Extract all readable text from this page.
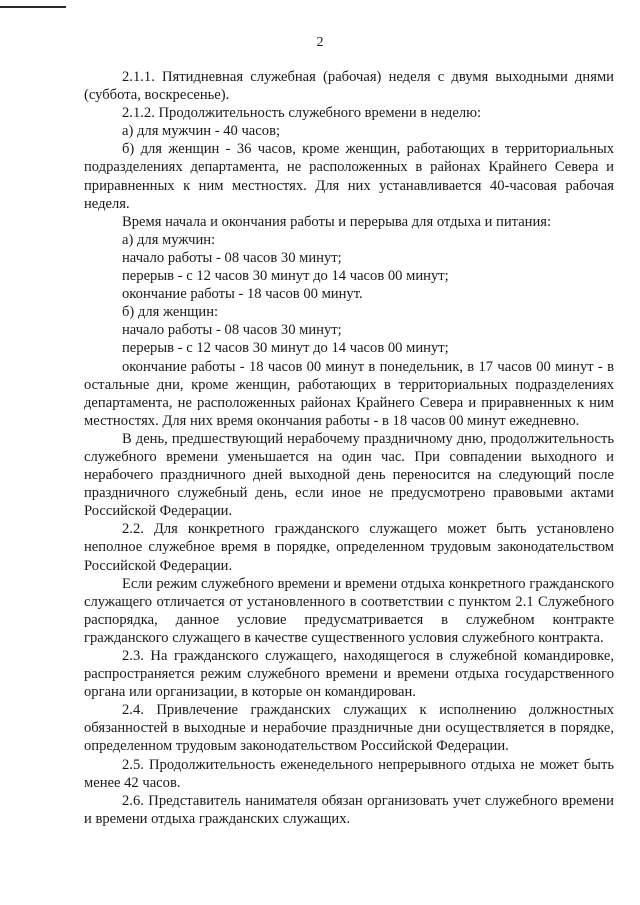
2

2.1.1. Пятидневная служебная (рабочая) неделя с двумя выходными днями (суббота, воскресенье).

2.1.2. Продолжительность служебного времени в неделю:

а) для мужчин - 40 часов;

б) для женщин - 36 часов, кроме женщин, работающих в территориальных подразделениях департамента, не расположенных в районах Крайнего Севера и приравненных к ним местностях. Для них устанавливается 40-часовая рабочая неделя.

Время начала и окончания работы и перерыва для отдыха и питания:

а) для мужчин:

начало работы - 08 часов 30 минут;

перерыв - с 12 часов 30 минут до 14 часов 00 минут;

окончание работы - 18 часов 00 минут.

б) для женщин:

начало работы - 08 часов 30 минут;

перерыв - с 12 часов 30 минут до 14 часов 00 минут;

окончание работы - 18 часов 00 минут в понедельник, в 17 часов 00 минут - в остальные дни, кроме женщин, работающих в территориальных подразделениях департамента, не расположенных районах Крайнего Севера и приравненных к ним местностях. Для них время окончания работы - в 18 часов 00 минут ежедневно.

В день, предшествующий нерабочему праздничному дню, продолжительность служебного времени уменьшается на один час. При совпадении выходного и нерабочего праздничного дней выходной день переносится на следующий после праздничного служебный день, если иное не предусмотрено правовыми актами Российской Федерации.

2.2. Для конкретного гражданского служащего может быть установлено неполное служебное время в порядке, определенном трудовым законодательством Российской Федерации.

Если режим служебного времени и времени отдыха конкретного гражданского служащего отличается от установленного в соответствии с пунктом 2.1 Служебного распорядка, данное условие предусматривается в служебном контракте гражданского служащего в качестве существенного условия служебного контракта.

2.3. На гражданского служащего, находящегося в служебной командировке, распространяется режим служебного времени и времени отдыха государственного органа или организации, в которые он командирован.

2.4. Привлечение гражданских служащих к исполнению должностных обязанностей в выходные и нерабочие праздничные дни осуществляется в порядке, определенном трудовым законодательством Российской Федерации.

2.5. Продолжительность еженедельного непрерывного отдыха не может быть менее 42 часов.

2.6. Представитель нанимателя обязан организовать учет служебного времени и времени отдыха гражданских служащих.
